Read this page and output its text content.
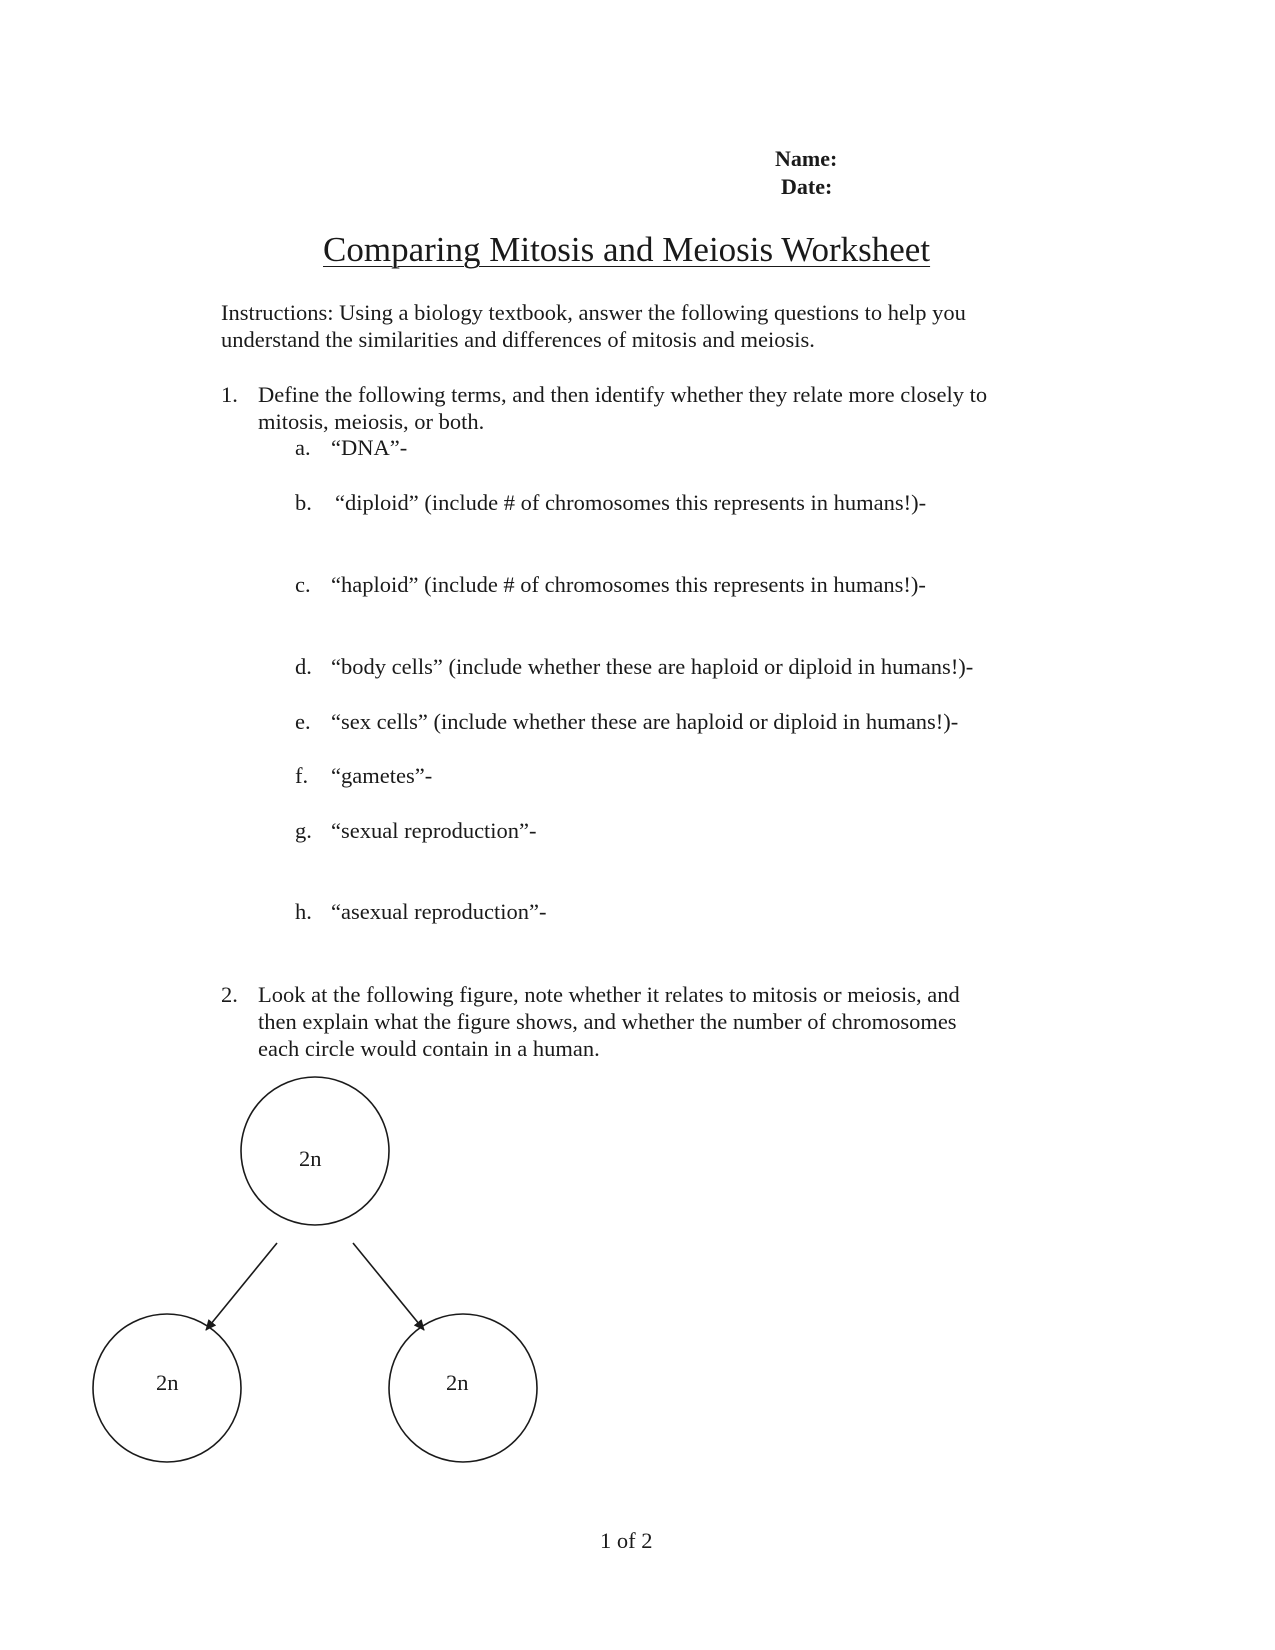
Name:
Date:
Comparing Mitosis and Meiosis Worksheet
Instructions: Using a biology textbook, answer the following questions to help you
understand the similarities and differences of mitosis and meiosis.
1. Define the following terms, and then identify whether they relate more closely to
mitosis, meiosis, or both.
a. “DNA”-
b. “diploid” (include # of chromosomes this represents in humans!)-
c. “haploid” (include # of chromosomes this represents in humans!)-
d. “body cells” (include whether these are haploid or diploid in humans!)-
e. “sex cells” (include whether these are haploid or diploid in humans!)-
f. “gametes”-
g. “sexual reproduction”-
h. “asexual reproduction”-
2. Look at the following figure, note whether it relates to mitosis or meiosis, and
then explain what the figure shows, and whether the number of chromosomes
each circle would contain in a human.
2n
2n	2n
1 of 2
